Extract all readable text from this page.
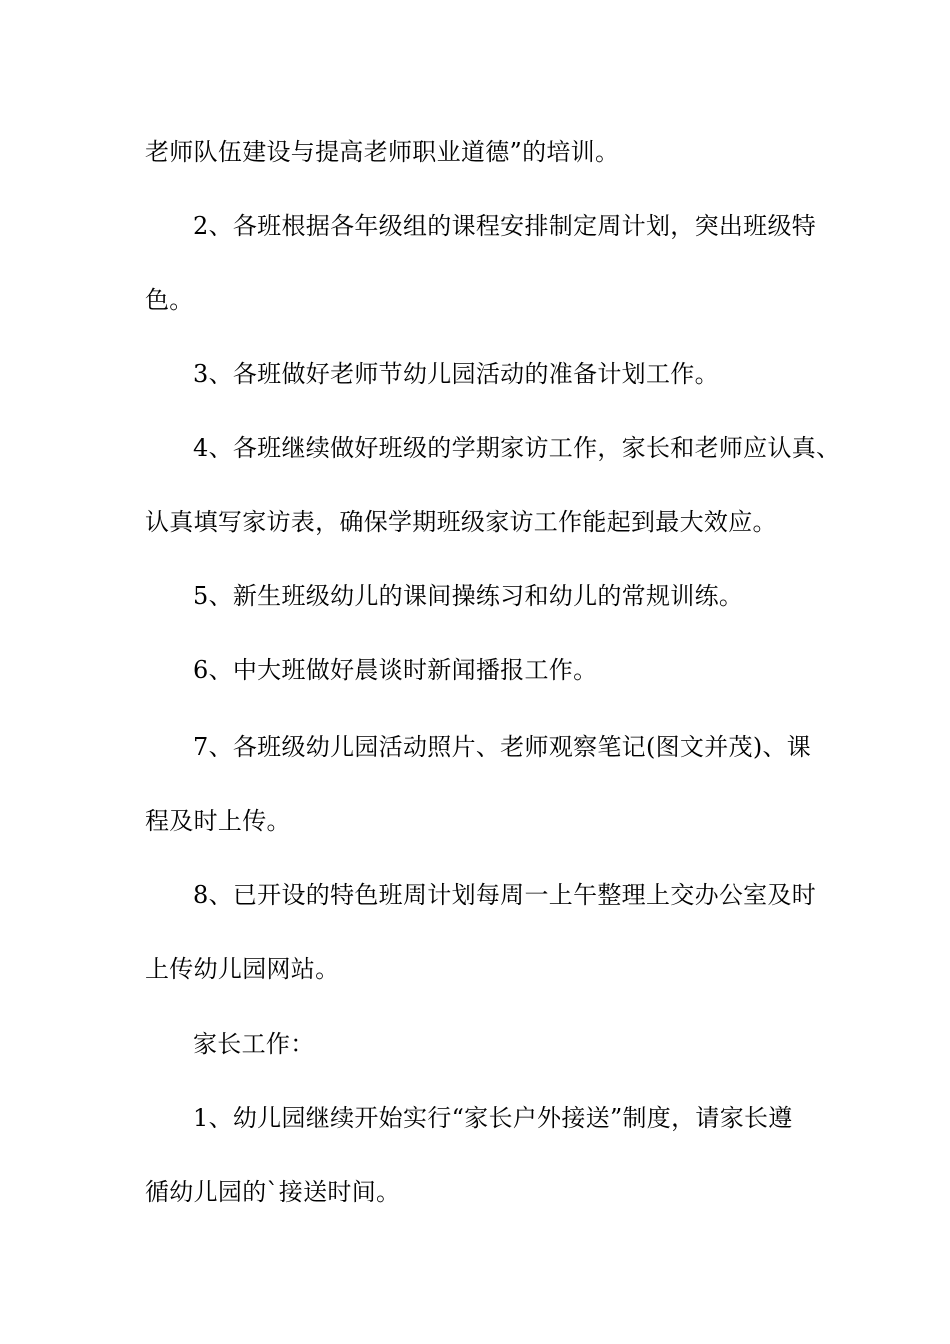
老师队伍建设与提高老师职业道德”的培训。
2、各班根据各年级组的课程安排制定周计划，突出班级特
色。
3、各班做好老师节幼儿园活动的准备计划工作。
4、各班继续做好班级的学期家访工作，家长和老师应认真、
认真填写家访表，确保学期班级家访工作能起到最大效应。
5、新生班级幼儿的课间操练习和幼儿的常规训练。
6、中大班做好晨谈时新闻播报工作。
7、各班级幼儿园活动照片、老师观察笔记(图文并茂)、课
程及时上传。
8、已开设的特色班周计划每周一上午整理上交办公室及时
上传幼儿园网站。
家长工作：
1、幼儿园继续开始实行“家长户外接送”制度，请家长遵
循幼儿园的`接送时间。
